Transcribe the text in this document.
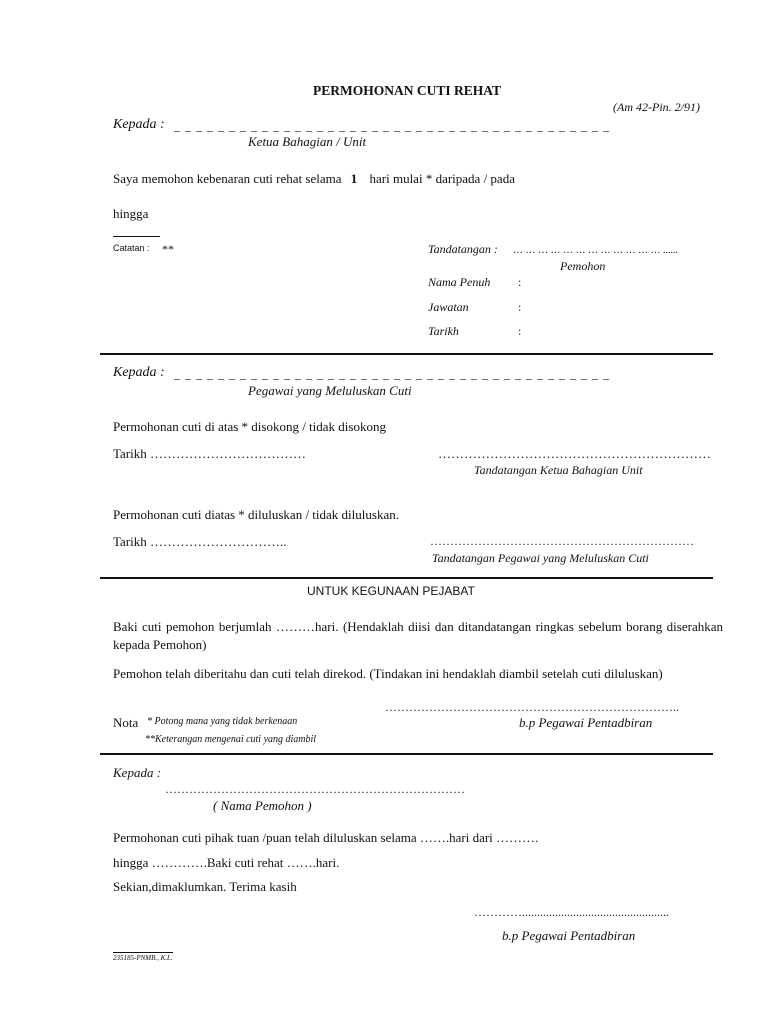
PERMOHONAN CUTI REHAT
(Am 42-Pin. 2/91)
Kepada : _ _ _ _ _ _ _ _ _ _ _ _ _ _ _ _ _ _ _ _ _ _ _ _ _ _ _ _ _ _ _ _ _ _ _ _ _ _ _ _
Ketua Bahagian / Unit
Saya memohon kebenaran cuti rehat selama 1 hari mulai * daripada / pada
hingga
Catatan : **	Tandatangan : … … … … … … … … … … … … ......
Pemohon
Nama Penuh :
Jawatan	:
Tarikh	:
Kepada : _ _ _ _ _ _ _ _ _ _ _ _ _ _ _ _ _ _ _ _ _ _ _ _ _ _ _ _ _ _ _ _ _ _ _ _ _ _ _ _
Pegawai yang Meluluskan Cuti
Permohonan cuti di atas * disokong / tidak disokong
Tarikh ………………………………	………………………………………………………
Tandatangan Ketua Bahagian Unit
Permohonan cuti diatas * diluluskan / tidak diluluskan.
Tarikh …………………………..	…………………………………………………………
Tandatangan Pegawai yang Meluluskan Cuti
UNTUK KEGUNAAN PEJABAT
Baki cuti pemohon berjumlah ………hari. (Hendaklah diisi dan ditandatangan ringkas sebelum borang diserahkan kepada Pemohon)
Pemohon telah diberitahu dan cuti telah direkod. (Tindakan ini hendaklah diambil setelah cuti diluluskan)
………………………………………………………………..
Nota * Potong mana yang tidak berkenaan
**Keterangan mengenai cuti yang diambil
b.p Pegawai Pentadbiran
Kepada :
…………………………………………………………………
( Nama Pemohon )
Permohonan cuti pihak tuan /puan telah diluluskan selama …….hari dari ……….
hingga ………….Baki cuti rehat …….hari.
Sekian,dimaklumkan. Terima kasih
………….................................................
b.p Pegawai Pentadbiran
235185-PNMB., K.L.
